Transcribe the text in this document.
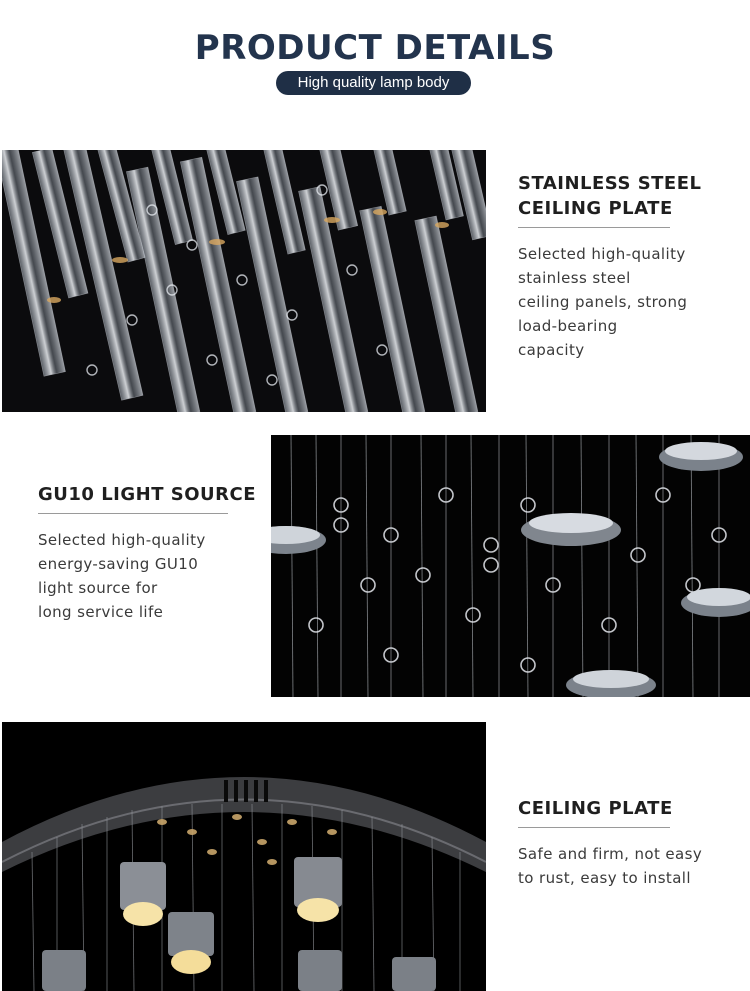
PRODUCT DETAILS
High quality lamp body
STAINLESS STEEL
CEILING PLATE
Selected high-quality
stainless steel
ceiling panels, strong
load-bearing
capacity
GU10 LIGHT SOURCE
Selected high-quality
energy-saving GU10
light source for
long service life
CEILING PLATE
Safe and firm, not easy
to rust, easy to install
